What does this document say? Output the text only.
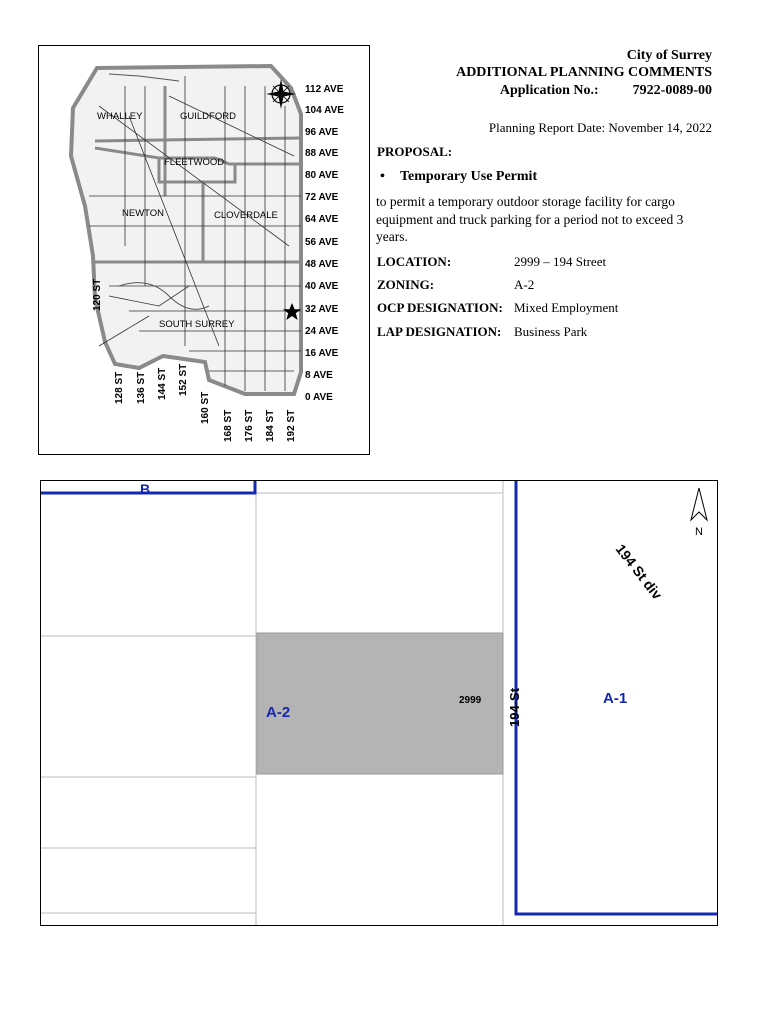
WHALLEY	GUILDFORD
FLEETWOOD
NEWTON	CLOVERDALE
SOUTH SURREY
112 AVE
104 AVE
96 AVE
88 AVE
80 AVE
72 AVE
64 AVE
56 AVE
48 AVE
40 AVE
32 AVE
24 AVE
16 AVE
8 AVE
0 AVE
120 ST
128 ST 136 ST 144 ST 152 ST
160 ST
168 ST 176 ST 184 ST 192 ST
City of Surrey
ADDITIONAL PLANNING COMMENTS
Application No.: 7922-0089-00
Planning Report Date: November 14, 2022
PROPOSAL:
• Temporary Use Permit
to permit a temporary outdoor storage facility for cargo equipment and truck parking for a period not to exceed 3 years.
LOCATION:	2999 – 194 Street
ZONING:	A-2
OCP DESIGNATION: Mixed Employment
LAP DESIGNATION: Business Park
B
A-2
A-1
2999 194-St
194 St div
N
